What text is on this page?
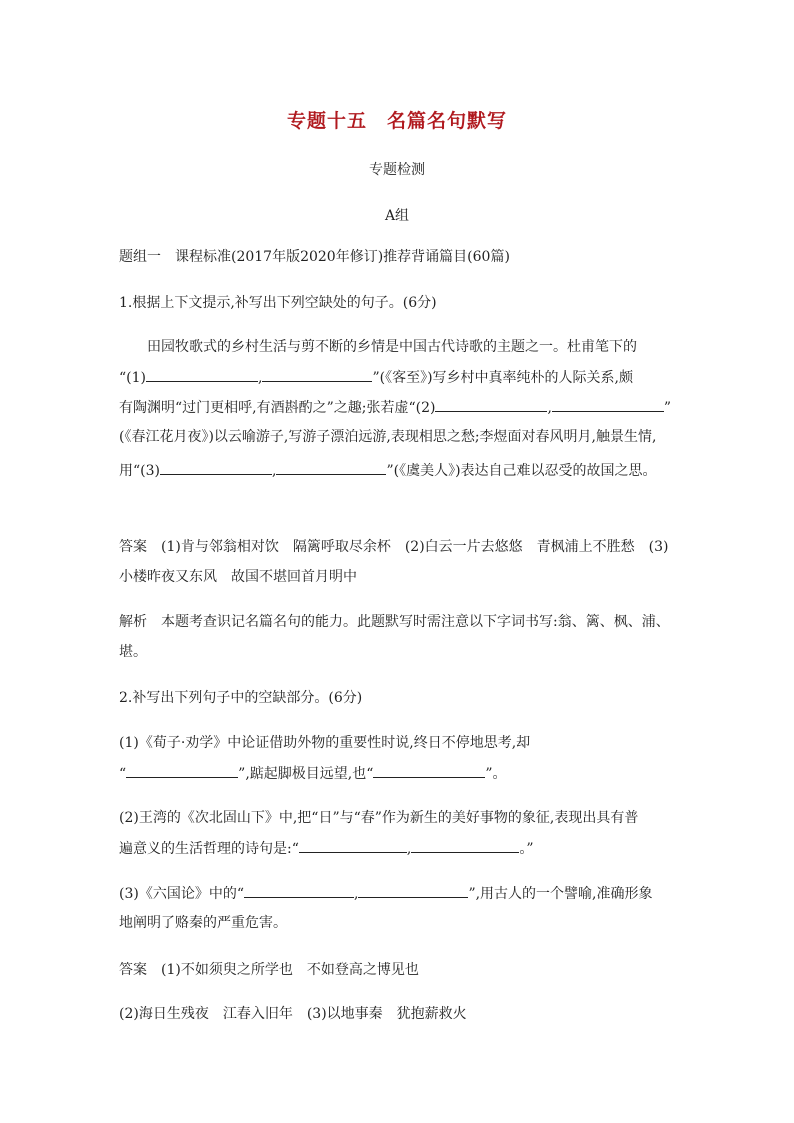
专题十五　名篇名句默写
专题检测
A组
题组一　课程标准(2017年版2020年修订)推荐背诵篇目(60篇)
1.根据上下文提示,补写出下列空缺处的句子。(6分)
田园牧歌式的乡村生活与剪不断的乡情是中国古代诗歌的主题之一。杜甫笔下的
“(1)	,	”(《客至》)写乡村中真率纯朴的人际关系,颇
有陶渊明“过门更相呼,有酒斟酌之”之趣;张若虚“(2)	,	”
(《春江花月夜》)以云喻游子,写游子漂泊远游,表现相思之愁;李煜面对春风明月,触景生情,
用“(3)	,	”(《虞美人》)表达自己难以忍受的故国之思。
答案 (1)肯与邻翁相对饮　隔篱呼取尽余杯　(2)白云一片去悠悠　青枫浦上不胜愁　(3)
小楼昨夜又东风　故国不堪回首月明中
解析 本题考查识记名篇名句的能力。此题默写时需注意以下字词书写:翁、篱、枫、浦、
堪。
2.补写出下列句子中的空缺部分。(6分)
(1)《荀子·劝学》中论证借助外物的重要性时说,终日不停地思考,却
“	”,踮起脚极目远望,也“	”。
(2)王湾的《次北固山下》中,把“日”与“春”作为新生的美好事物的象征,表现出具有普
遍意义的生活哲理的诗句是:“	,	。”
(3)《六国论》中的“	,	”,用古人的一个譬喻,准确形象
地阐明了赂秦的严重危害。
答案 (1)不如须臾之所学也　不如登高之博见也
(2)海日生残夜　江春入旧年　(3)以地事秦　犹抱薪救火
